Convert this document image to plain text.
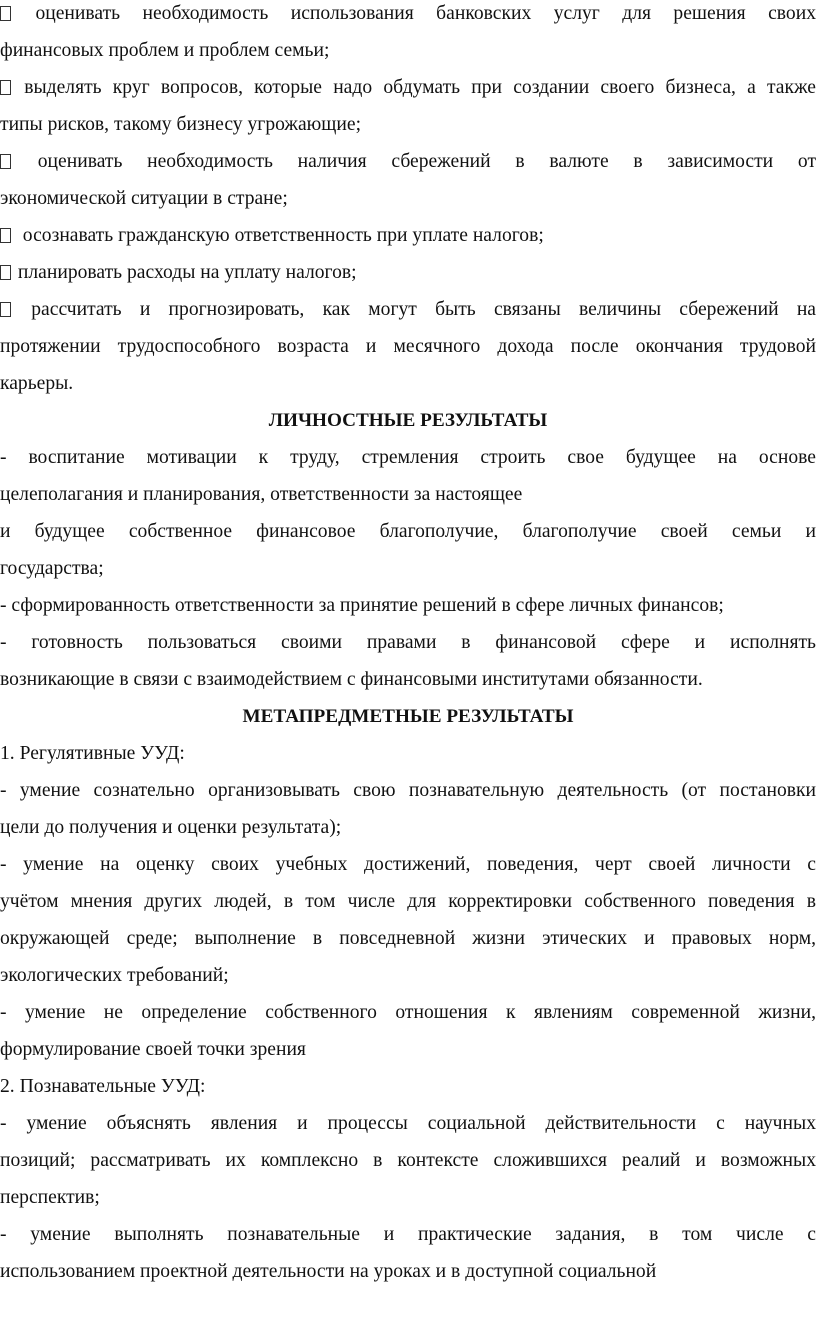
оценивать необходимость использования банковских услуг для решения своих
финансовых проблем и проблем семьи;
выделять круг вопросов, которые надо обдумать при создании своего бизнеса, а также
типы рисков, такому бизнесу угрожающие;
оценивать необходимость наличия сбережений в валюте в зависимости от
экономической ситуации в стране;
осознавать гражданскую ответственность при уплате налогов;
планировать расходы на уплату налогов;
рассчитать и прогнозировать, как могут быть связаны величины сбережений на
протяжении трудоспособного возраста и месячного дохода после окончания трудовой
карьеры.
ЛИЧНОСТНЫЕ РЕЗУЛЬТАТЫ
- воспитание мотивации к труду, стремления строить свое будущее на основе
целеполагания и планирования, ответственности за настоящее
и будущее собственное финансовое благополучие, благополучие своей семьи и
государства;
- сформированность ответственности за принятие решений в сфере личных финансов;
- готовность пользоваться своими правами в финансовой сфере и исполнять
возникающие в связи с взаимодействием с финансовыми институтами обязанности.
МЕТАПРЕДМЕТНЫЕ РЕЗУЛЬТАТЫ
1. Регулятивные УУД:
- умение сознательно организовывать свою познавательную деятельность (от постановки
цели до получения и оценки результата);
- умение на оценку своих учебных достижений, поведения, черт своей личности с
учётом мнения других людей, в том числе для корректировки собственного поведения в
окружающей среде; выполнение в повседневной жизни этических и правовых норм,
экологических требований;
- умение не определение собственного отношения к явлениям современной жизни,
формулирование своей точки зрения
2. Познавательные УУД:
- умение объяснять явления и процессы социальной действительности с научных
позиций; рассматривать их комплексно в контексте сложившихся реалий и возможных
перспектив;
- умение выполнять познавательные и практические задания, в том числе с
использованием проектной деятельности на уроках и в доступной социальной
